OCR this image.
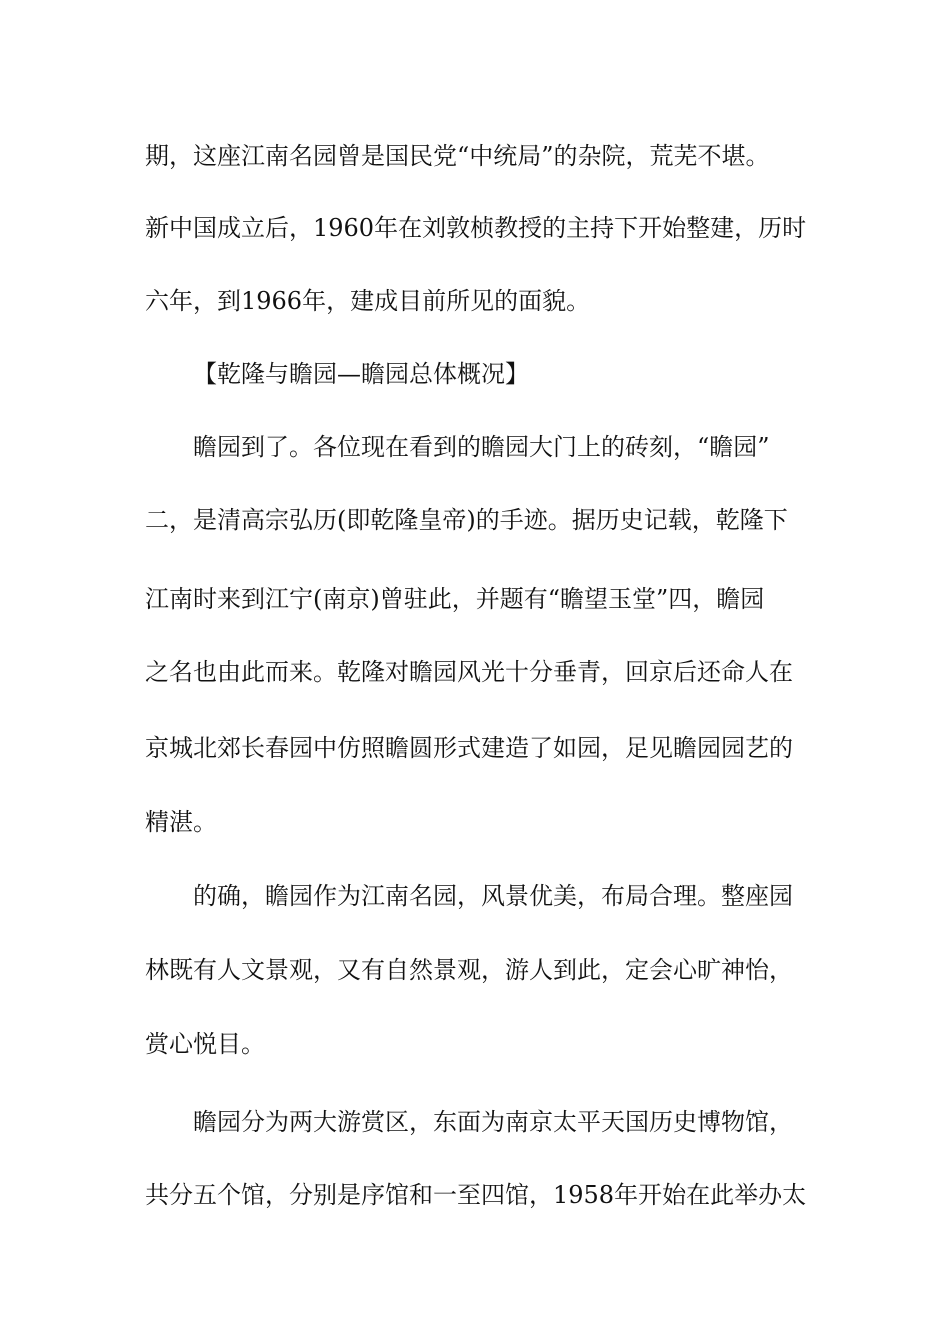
期，这座江南名园曾是国民党“中统局”的杂院，荒芜不堪。
新中国成立后，1960年在刘敦桢教授的主持下开始整建，历时
六年，到1966年，建成目前所见的面貌。
【乾隆与瞻园—瞻园总体概况】
瞻园到了。各位现在看到的瞻园大门上的砖刻，“瞻园”
二，是清高宗弘历(即乾隆皇帝)的手迹。据历史记载，乾隆下
江南时来到江宁(南京)曾驻此，并题有“瞻望玉堂”四，瞻园
之名也由此而来。乾隆对瞻园风光十分垂青，回京后还命人在
京城北郊长春园中仿照瞻圆形式建造了如园，足见瞻园园艺的
精湛。
的确，瞻园作为江南名园，风景优美，布局合理。整座园
林既有人文景观，又有自然景观，游人到此，定会心旷神怡，
赏心悦目。
瞻园分为两大游赏区，东面为南京太平天国历史博物馆，
共分五个馆，分别是序馆和一至四馆，1958年开始在此举办太
